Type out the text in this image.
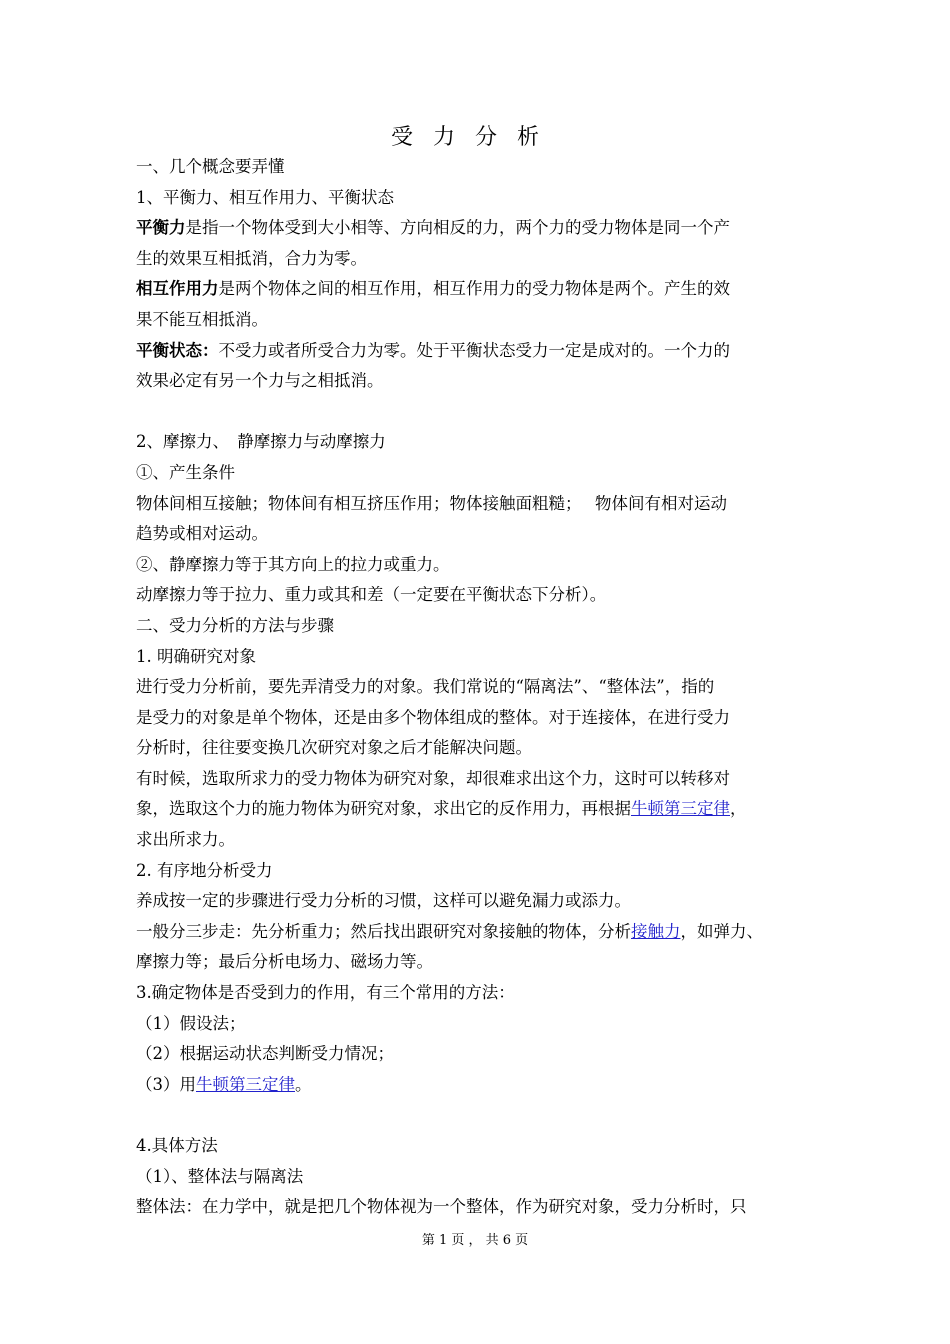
受力分析

一、几个概念要弄懂

1、平衡力、相互作用力、平衡状态

平衡力是指一个物体受到大小相等、方向相反的力，两个力的受力物体是同一个产

生的效果互相抵消，合力为零。

相互作用力是两个物体之间的相互作用，相互作用力的受力物体是两个。产生的效

果不能互相抵消。

平衡状态：不受力或者所受合力为零。处于平衡状态受力一定是成对的。一个力的

效果必定有另一个力与之相抵消。

2、摩擦力、　静摩擦力与动摩擦力

①、产生条件

物体间相互接触；物体间有相互挤压作用；物体接触面粗糙；　 物体间有相对运动

趋势或相对运动。

②、静摩擦力等于其方向上的拉力或重力。

动摩擦力等于拉力、重力或其和差（一定要在平衡状态下分析）。

二、受力分析的方法与步骤

1. 明确研究对象

进行受力分析前，要先弄清受力的对象。我们常说的“隔离法”、“整体法”，指的

是受力的对象是单个物体，还是由多个物体组成的整体。对于连接体，在进行受力

分析时，往往要变换几次研究对象之后才能解决问题。

有时候，选取所求力的受力物体为研究对象，却很难求出这个力，这时可以转移对

象，选取这个力的施力物体为研究对象，求出它的反作用力，再根据牛顿第三定律，

求出所求力。

2. 有序地分析受力

养成按一定的步骤进行受力分析的习惯，这样可以避免漏力或添力。

一般分三步走：先分析重力；然后找出跟研究对象接触的物体，分析接触力，如弹力、

摩擦力等；最后分析电场力、磁场力等。

3.确定物体是否受到力的作用，有三个常用的方法：

（1）假设法；

（2）根据运动状态判断受力情况；

（3）用牛顿第三定律。

4.具体方法

（1）、整体法与隔离法

整体法：在力学中，就是把几个物体视为一个整体，作为研究对象，受力分析时，只

第 1 页 ， 共 6 页
